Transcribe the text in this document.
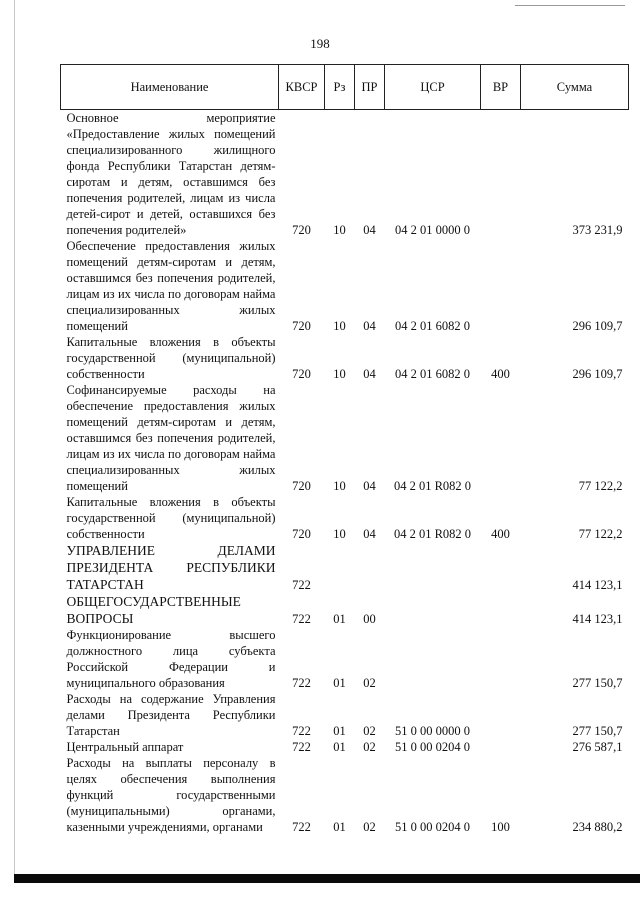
198
Наименование	КВСР	Рз	ПР	ЦСР	ВР	Сумма
Основное мероприятие «Предоставление жилых помещений специализированного жилищного фонда Республики Татарстан детям-сиротам и детям, оставшимся без попечения родителей, лицам из числа детей-сирот и детей, оставшихся без попечения родителей»	720	10	04	04 2 01 0000 0		373 231,9
Обеспечение предоставления жилых помещений детям-сиротам и детям, оставшимся без попечения родителей, лицам из их числа по договорам найма специализированных жилых помещений	720	10	04	04 2 01 6082 0		296 109,7
Капитальные вложения в объекты государственной (муниципальной) собственности	720	10	04	04 2 01 6082 0	400	296 109,7
Софинансируемые расходы на обеспечение предоставления жилых помещений детям-сиротам и детям, оставшимся без попечения родителей, лицам из их числа по договорам найма специализированных жилых помещений	720	10	04	04 2 01 R082 0		77 122,2
Капитальные вложения в объекты государственной (муниципальной) собственности	720	10	04	04 2 01 R082 0	400	77 122,2
УПРАВЛЕНИЕ ДЕЛАМИ ПРЕЗИДЕНТА РЕСПУБЛИКИ ТАТАРСТАН	722					414 123,1
ОБЩЕГОСУДАРСТВЕННЫЕ ВОПРОСЫ	722	01	00			414 123,1
Функционирование высшего должностного лица субъекта Российской Федерации и муниципального образования	722	01	02			277 150,7
Расходы на содержание Управления делами Президента Республики Татарстан	722	01	02	51 0 00 0000 0		277 150,7
Центральный аппарат	722	01	02	51 0 00 0204 0		276 587,1
Расходы на выплаты персоналу в целях обеспечения выполнения функций государственными (муниципальными) органами, казенными учреждениями, органами	722	01	02	51 0 00 0204 0	100	234 880,2
